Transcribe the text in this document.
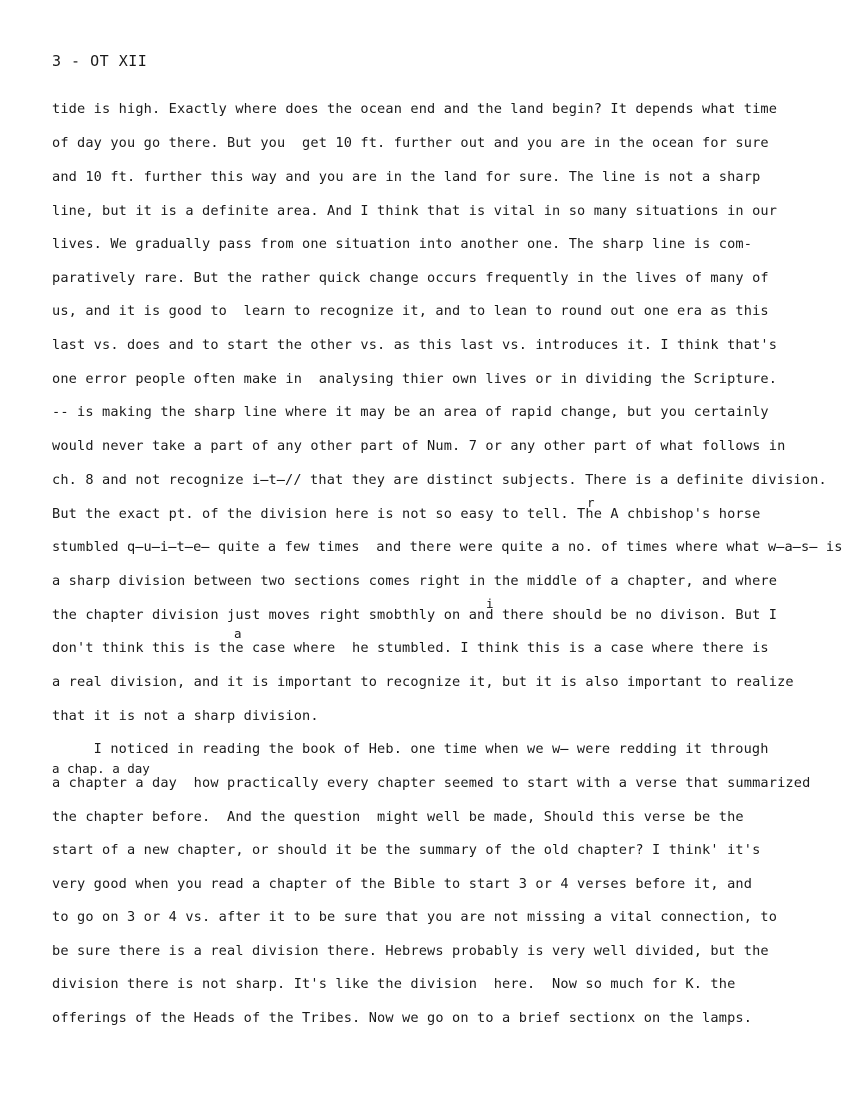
3 - OT XII
tide is high. Exactly where does the ocean end and the land begin? It depends what time
of day you go there. But you  get 10 ft. further out and you are in the ocean for sure
and 10 ft. further this way and you are in the land for sure. The line is not a sharp
line, but it is a definite area. And I think that is vital in so many situations in our
lives. We gradually pass from one situation into another one. The sharp line is com-
paratively rare. But the rather quick change occurs frequently in the lives of many of
us, and it is good to  learn to recognize it, and to lean to round out one era as this
last vs. does and to start the other vs. as this last vs. introduces it. I think that's
one error people often make in  analysing thier own lives or in dividing the Scripture.
-- is making the sharp line where it may be an area of rapid change, but you certainly
would never take a part of any other part of Num. 7 or any other part of what follows in
ch. 8 and not recognize i̶t̶// that they are distinct subjects. There is a definite division.
r
But the exact pt. of the division here is not so easy to tell. The A chbishop's horse
stumbled q̶u̶i̶t̶e̶ quite a few times  and there were quite a no. of times where what w̶a̶s̶ is
a sharp division between two sections comes right in the middle of a chapter, and where
i
the chapter division just moves right smobthly on and there should be no divison. But I
a
don't think this is the case where  he stumbled. I think this is a case where there is
a real division, and it is important to recognize it, but it is also important to realize
that it is not a sharp division.
I noticed in reading the book of Heb. one time when we w̶ were redding it through
a chap. a day
a chapter a day  how practically every chapter seemed to start with a verse that summarized
the chapter before.  And the question  might well be made, Should this verse be the
start of a new chapter, or should it be the summary of the old chapter? I think' it's
very good when you read a chapter of the Bible to start 3 or 4 verses before it, and
to go on 3 or 4 vs. after it to be sure that you are not missing a vital connection, to
be sure there is a real division there. Hebrews probably is very well divided, but the
division there is not sharp. It's like the division  here.  Now so much for K. the
offerings of the Heads of the Tribes. Now we go on to a brief sectionx on the lamps.
